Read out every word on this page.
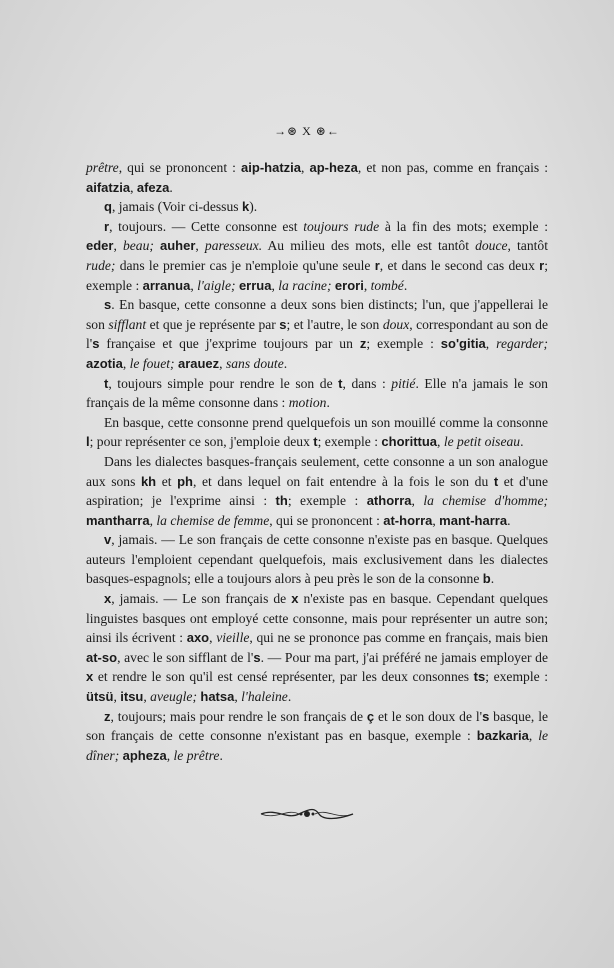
→⊛ X ⊛←

prêtre, qui se prononcent : aip-hatzia, ap-heza, et non pas, comme en français : aifatzia, afeza.

q, jamais (Voir ci-dessus k).

r, toujours. — Cette consonne est toujours rude à la fin des mots; exemple : eder, beau; auher, paresseux. Au milieu des mots, elle est tantôt douce, tantôt rude; dans le premier cas je n'emploie qu'une seule r, et dans le second cas deux r; exemple : arranua, l'aigle; errua, la racine; erori, tombé.

s. En basque, cette consonne a deux sons bien distincts; l'un, que j'appellerai le son sifflant et que je représente par s; et l'autre, le son doux, correspondant au son de l's française et que j'exprime toujours par un z; exemple : so'gitia, regarder; azotia, le fouet; arauez, sans doute.

t, toujours simple pour rendre le son de t, dans : pitié. Elle n'a jamais le son français de la même consonne dans : motion.

En basque, cette consonne prend quelquefois un son mouillé comme la consonne l; pour représenter ce son, j'emploie deux t; exemple : chorittua, le petit oiseau.

Dans les dialectes basques-français seulement, cette consonne a un son analogue aux sons kh et ph, et dans lequel on fait entendre à la fois le son du t et d'une aspiration; je l'exprime ainsi : th; exemple : athorra, la chemise d'homme; mantharra, la chemise de femme, qui se prononcent : at-horra, mant-harra.

v, jamais. — Le son français de cette consonne n'existe pas en basque. Quelques auteurs l'emploient cependant quelquefois, mais exclusivement dans les dialectes basques-espagnols; elle a toujours alors à peu près le son de la consonne b.

x, jamais. — Le son français de x n'existe pas en basque. Cependant quelques linguistes basques ont employé cette consonne, mais pour représenter un autre son; ainsi ils écrivent : axo, vieille, qui ne se prononce pas comme en français, mais bien at-so, avec le son sifflant de l's. — Pour ma part, j'ai préféré ne jamais employer de x et rendre le son qu'il est censé représenter, par les deux consonnes ts; exemple : ütsü, itsu, aveugle; hatsa, l'haleine.

z, toujours; mais pour rendre le son français de ç et le son doux de l's basque, le son français de cette consonne n'existant pas en basque, exemple : bazkaria, le dîner; apheza, le prêtre.
